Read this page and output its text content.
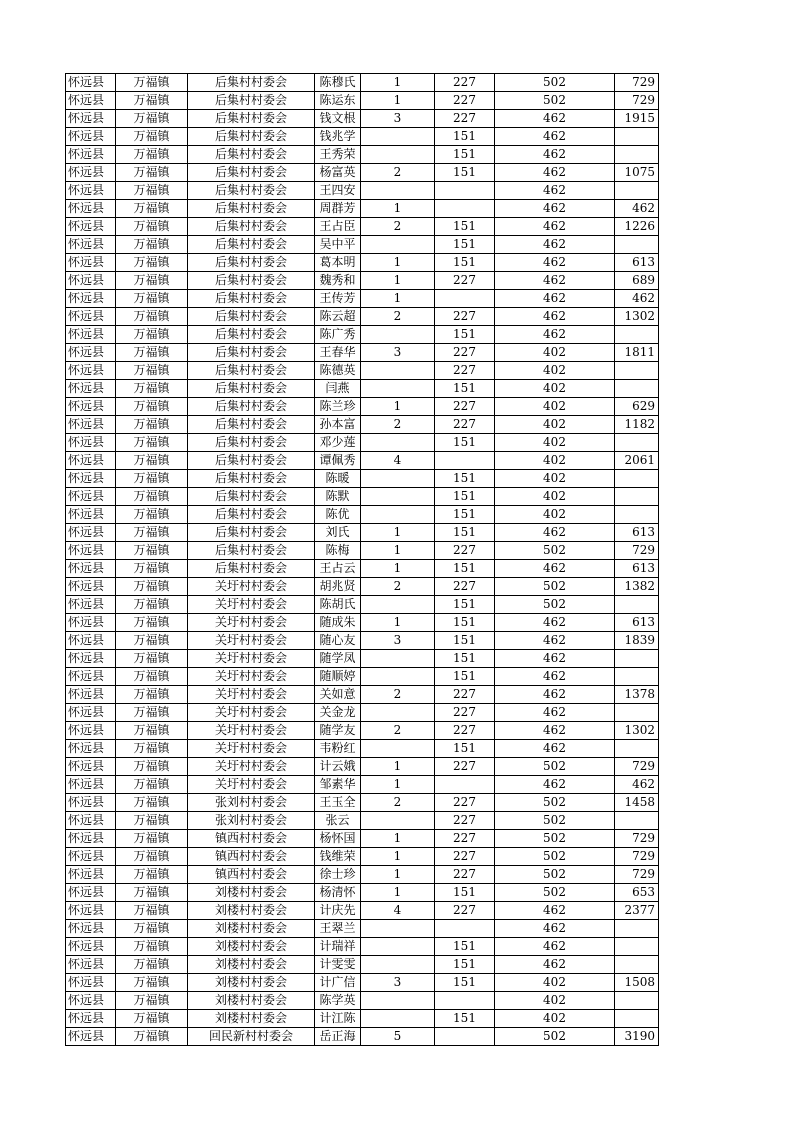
怀远县	万福镇	后集村村委会	陈穆氏	1	227	502	729
怀远县	万福镇	后集村村委会	陈运东	1	227	502	729
怀远县	万福镇	后集村村委会	钱文根	3	227	462	1915
怀远县	万福镇	后集村村委会	钱兆学		151	462	
怀远县	万福镇	后集村村委会	王秀荣		151	462	
怀远县	万福镇	后集村村委会	杨富英	2	151	462	1075
怀远县	万福镇	后集村村委会	王四安			462	
怀远县	万福镇	后集村村委会	周群芳	1		462	462
怀远县	万福镇	后集村村委会	王占臣	2	151	462	1226
怀远县	万福镇	后集村村委会	吴中平		151	462	
怀远县	万福镇	后集村村委会	葛本明	1	151	462	613
怀远县	万福镇	后集村村委会	魏秀和	1	227	462	689
怀远县	万福镇	后集村村委会	王传芳	1		462	462
怀远县	万福镇	后集村村委会	陈云超	2	227	462	1302
怀远县	万福镇	后集村村委会	陈广秀		151	462	
怀远县	万福镇	后集村村委会	王春华	3	227	402	1811
怀远县	万福镇	后集村村委会	陈德英		227	402	
怀远县	万福镇	后集村村委会	闫燕		151	402	
怀远县	万福镇	后集村村委会	陈兰珍	1	227	402	629
怀远县	万福镇	后集村村委会	孙本富	2	227	402	1182
怀远县	万福镇	后集村村委会	邓少莲		151	402	
怀远县	万福镇	后集村村委会	谭佩秀	4		402	2061
怀远县	万福镇	后集村村委会	陈暖		151	402	
怀远县	万福镇	后集村村委会	陈默		151	402	
怀远县	万福镇	后集村村委会	陈优		151	402	
怀远县	万福镇	后集村村委会	刘氏	1	151	462	613
怀远县	万福镇	后集村村委会	陈梅	1	227	502	729
怀远县	万福镇	后集村村委会	王占云	1	151	462	613
怀远县	万福镇	关圩村村委会	胡兆贤	2	227	502	1382
怀远县	万福镇	关圩村村委会	陈胡氏		151	502	
怀远县	万福镇	关圩村村委会	随成朱	1	151	462	613
怀远县	万福镇	关圩村村委会	随心友	3	151	462	1839
怀远县	万福镇	关圩村村委会	随学凤		151	462	
怀远县	万福镇	关圩村村委会	随顺婷		151	462	
怀远县	万福镇	关圩村村委会	关如意	2	227	462	1378
怀远县	万福镇	关圩村村委会	关金龙		227	462	
怀远县	万福镇	关圩村村委会	随学友	2	227	462	1302
怀远县	万福镇	关圩村村委会	韦粉红		151	462	
怀远县	万福镇	关圩村村委会	计云娥	1	227	502	729
怀远县	万福镇	关圩村村委会	邹素华	1		462	462
怀远县	万福镇	张刘村村委会	王玉全	2	227	502	1458
怀远县	万福镇	张刘村村委会	张云		227	502	
怀远县	万福镇	镇西村村委会	杨怀国	1	227	502	729
怀远县	万福镇	镇西村村委会	钱维荣	1	227	502	729
怀远县	万福镇	镇西村村委会	徐士珍	1	227	502	729
怀远县	万福镇	刘楼村村委会	杨清怀	1	151	502	653
怀远县	万福镇	刘楼村村委会	计庆先	4	227	462	2377
怀远县	万福镇	刘楼村村委会	王翠兰			462	
怀远县	万福镇	刘楼村村委会	计瑞祥		151	462	
怀远县	万福镇	刘楼村村委会	计雯雯		151	462	
怀远县	万福镇	刘楼村村委会	计广信	3	151	402	1508
怀远县	万福镇	刘楼村村委会	陈学英			402	
怀远县	万福镇	刘楼村村委会	计江陈		151	402	
怀远县	万福镇	回民新村村委会	岳正海	5		502	3190
